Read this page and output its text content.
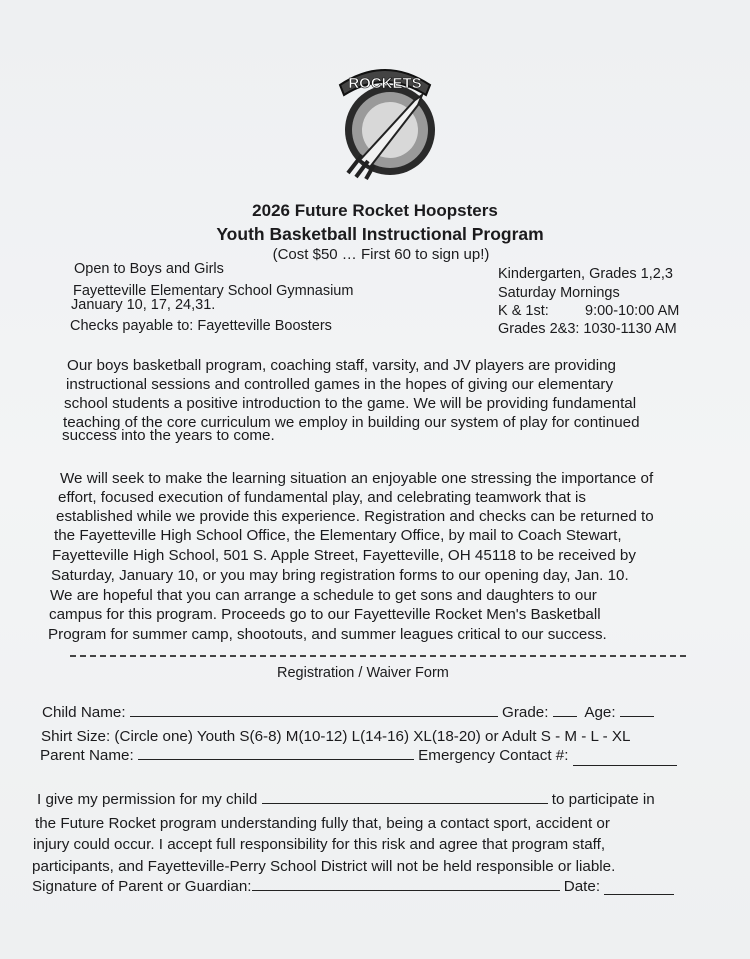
ROCKETS
2026 Future Rocket Hoopsters
Youth Basketball Instructional Program
(Cost $50 … First 60 to sign up!)
Open to Boys and Girls
Fayetteville Elementary School Gymnasium
January 10, 17, 24,31.
Checks payable to: Fayetteville Boosters
Kindergarten, Grades 1,2,3
Saturday Mornings
K & 1st: 9:00-10:00 AM
Grades 2&3: 1030-1130 AM
Our boys basketball program, coaching staff, varsity, and JV players are providing
instructional sessions and controlled games in the hopes of giving our elementary
school students a positive introduction to the game. We will be providing fundamental
teaching of the core curriculum we employ in building our system of play for continued
success into the years to come.
We will seek to make the learning situation an enjoyable one stressing the importance of
effort, focused execution of fundamental play, and celebrating teamwork that is
established while we provide this experience. Registration and checks can be returned to
the Fayetteville High School Office, the Elementary Office, by mail to Coach Stewart,
Fayetteville High School, 501 S. Apple Street, Fayetteville, OH 45118 to be received by
Saturday, January 10, or you may bring registration forms to our opening day, Jan. 10.
We are hopeful that you can arrange a schedule to get sons and daughters to our
campus for this program. Proceeds go to our Fayetteville Rocket Men's Basketball
Program for summer camp, shootouts, and summer leagues critical to our success.
Registration / Waiver Form
Child Name:	Grade: Age:
Shirt Size: (Circle one) Youth S(6-8) M(10-12) L(14-16) XL(18-20) or Adult S - M - L - XL
Parent Name:	Emergency Contact #:
I give my permission for my child	to participate in
the Future Rocket program understanding fully that, being a contact sport, accident or
injury could occur. I accept full responsibility for this risk and agree that program staff,
participants, and Fayetteville-Perry School District will not be held responsible or liable.
Signature of Parent or Guardian:	Date:
